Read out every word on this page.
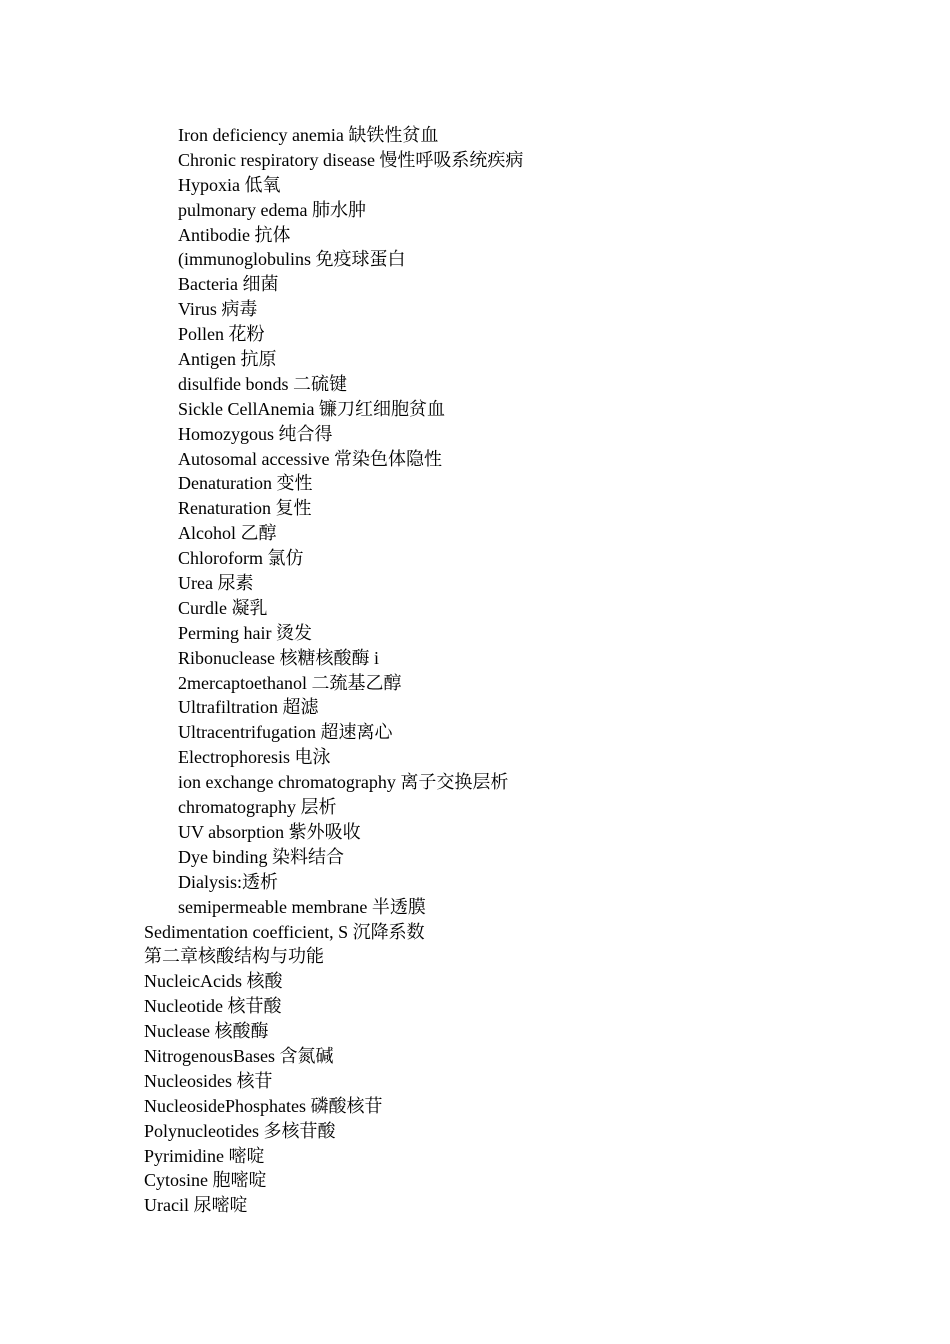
Iron deficiency anemia 缺铁性贫血
Chronic respiratory disease 慢性呼吸系统疾病
Hypoxia 低氧
pulmonary edema 肺水肿
Antibodie 抗体
(immunoglobulins 免疫球蛋白
Bacteria 细菌
Virus 病毒
Pollen 花粉
Antigen 抗原
disulfide bonds 二硫键
Sickle CellAnemia 镰刀红细胞贫血
Homozygous 纯合得
Autosomal accessive 常染色体隐性
Denaturation 变性
Renaturation 复性
Alcohol 乙醇
Chloroform 氯仿
Urea 尿素
Curdle 凝乳
Perming hair 烫发
Ribonuclease 核糖核酸酶 i
2mercaptoethanol 二巯基乙醇
Ultrafiltration 超滤
Ultracentrifugation 超速离心
Electrophoresis 电泳
ion exchange chromatography 离子交换层析
chromatography 层析
UV absorption 紫外吸收
Dye binding 染料结合
Dialysis:透析
semipermeable membrane 半透膜
Sedimentation coefficient, S 沉降系数
第二章核酸结构与功能
NucleicAcids 核酸
Nucleotide 核苷酸
Nuclease 核酸酶
NitrogenousBases 含氮碱
Nucleosides 核苷
NucleosidePhosphates 磷酸核苷
Polynucleotides 多核苷酸
Pyrimidine 嘧啶
Cytosine 胞嘧啶
Uracil 尿嘧啶
